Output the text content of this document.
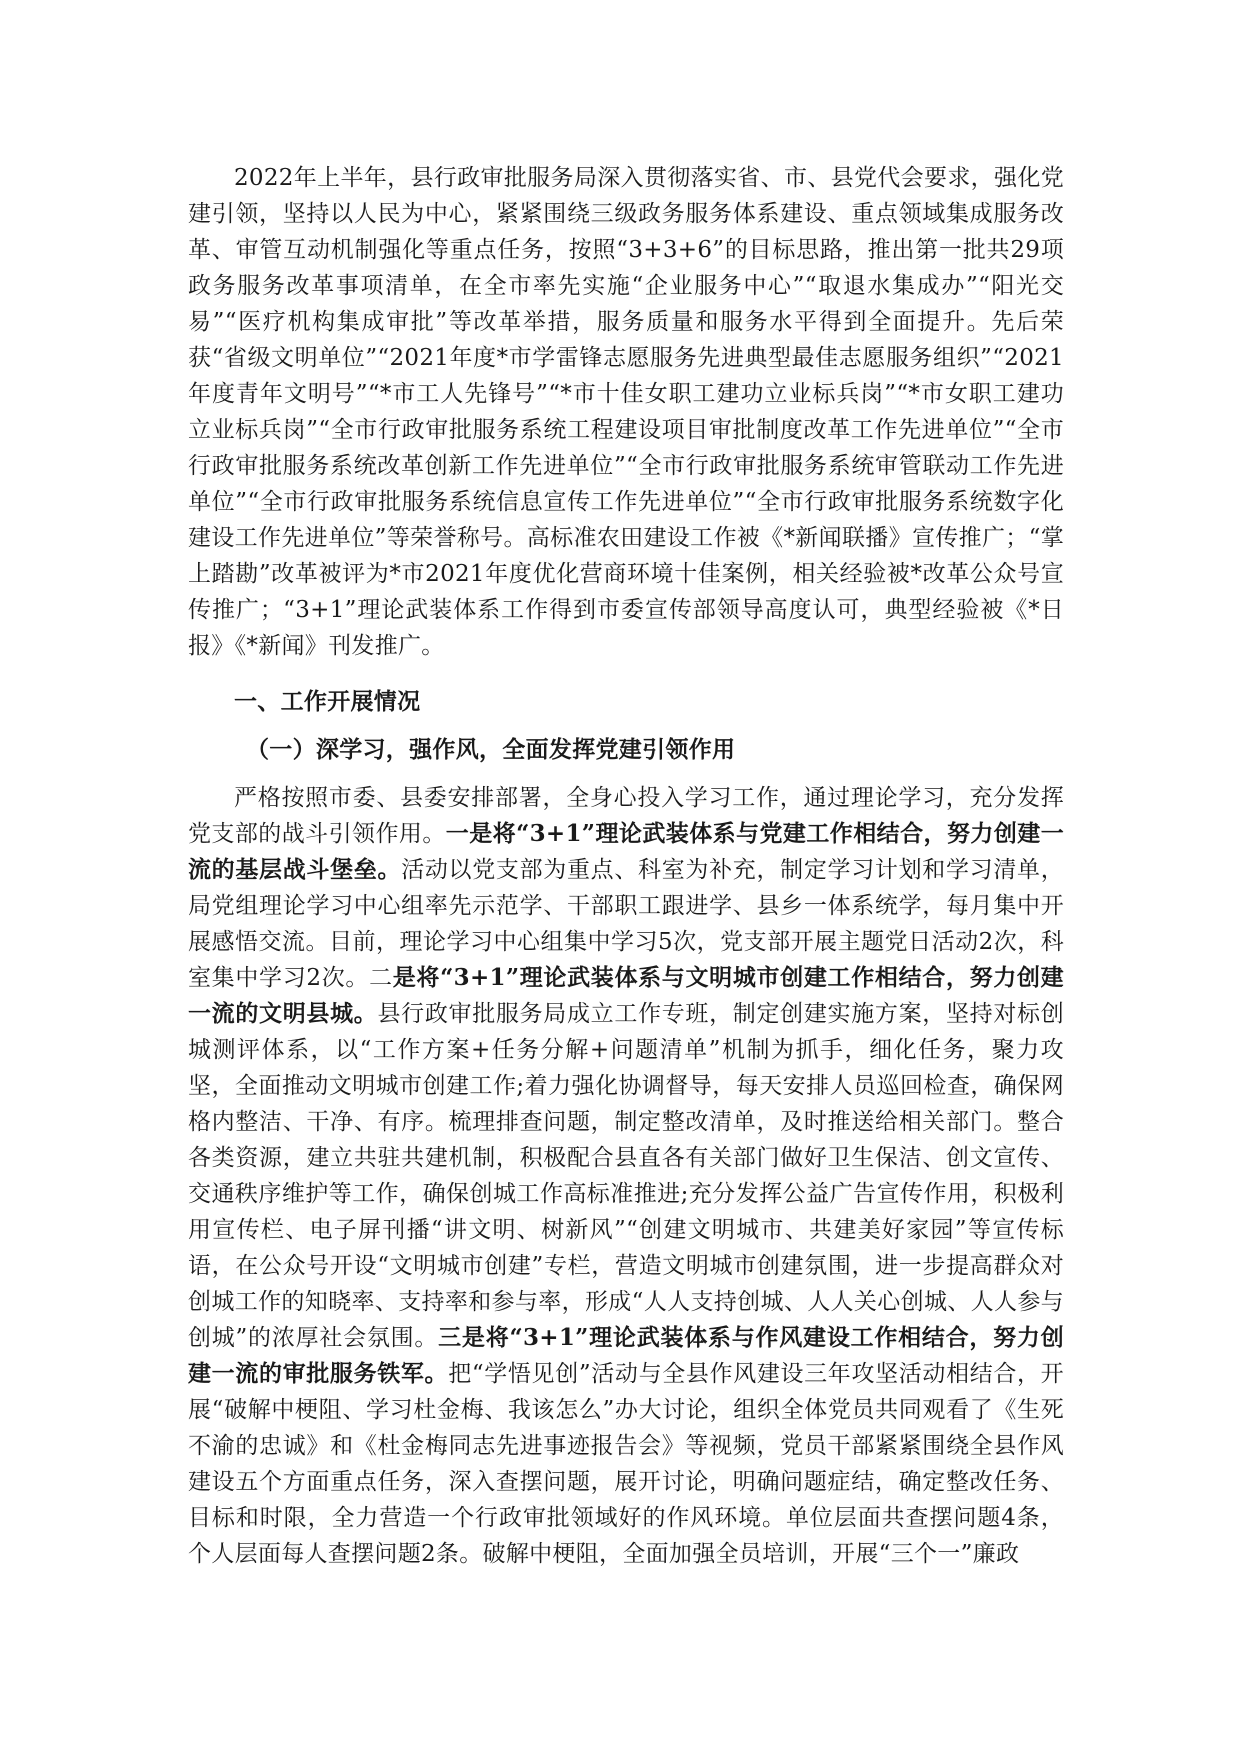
2022年上半年，县行政审批服务局深入贯彻落实省、市、县党代会要求，强化党建引领，坚持以人民为中心，紧紧围绕三级政务服务体系建设、重点领域集成服务改革、审管互动机制强化等重点任务，按照“3+3+6”的目标思路，推出第一批共29项政务服务改革事项清单，在全市率先实施“企业服务中心”“取退水集成办”“阳光交易”“医疗机构集成审批”等改革举措，服务质量和服务水平得到全面提升。先后荣获“省级文明单位”“2021年度*市学雷锋志愿服务先进典型最佳志愿服务组织”“2021年度青年文明号”“*市工人先锋号”“*市十佳女职工建功立业标兵岗”“*市女职工建功立业标兵岗”“全市行政审批服务系统工程建设项目审批制度改革工作先进单位”“全市行政审批服务系统改革创新工作先进单位”“全市行政审批服务系统审管联动工作先进单位”“全市行政审批服务系统信息宣传工作先进单位”“全市行政审批服务系统数字化建设工作先进单位”等荣誉称号。高标准农田建设工作被《*新闻联播》宣传推广；“掌上踏勘”改革被评为*市2021年度优化营商环境十佳案例，相关经验被*改革公众号宣传推广；“3+1”理论武装体系工作得到市委宣传部领导高度认可，典型经验被《*日报》《*新闻》刊发推广。

一、工作开展情况

（一）深学习，强作风，全面发挥党建引领作用

严格按照市委、县委安排部署，全身心投入学习工作，通过理论学习，充分发挥党支部的战斗引领作用。一是将“3+1”理论武装体系与党建工作相结合，努力创建一流的基层战斗堡垒。活动以党支部为重点、科室为补充，制定学习计划和学习清单，局党组理论学习中心组率先示范学、干部职工跟进学、县乡一体系统学，每月集中开展感悟交流。目前，理论学习中心组集中学习5次，党支部开展主题党日活动2次，科室集中学习2次。二是将“3+1”理论武装体系与文明城市创建工作相结合，努力创建一流的文明县城。县行政审批服务局成立工作专班，制定创建实施方案，坚持对标创城测评体系，以“工作方案+任务分解+问题清单”机制为抓手，细化任务，聚力攻坚，全面推动文明城市创建工作;着力强化协调督导，每天安排人员巡回检查，确保网格内整洁、干净、有序。梳理排查问题，制定整改清单，及时推送给相关部门。整合各类资源，建立共驻共建机制，积极配合县直各有关部门做好卫生保洁、创文宣传、交通秩序维护等工作，确保创城工作高标准推进;充分发挥公益广告宣传作用，积极利用宣传栏、电子屏刊播“讲文明、树新风”“创建文明城市、共建美好家园”等宣传标语，在公众号开设“文明城市创建”专栏，营造文明城市创建氛围，进一步提高群众对创城工作的知晓率、支持率和参与率，形成“人人支持创城、人人关心创城、人人参与创城”的浓厚社会氛围。三是将“3+1”理论武装体系与作风建设工作相结合，努力创建一流的审批服务铁军。把“学悟见创”活动与全县作风建设三年攻坚活动相结合，开展“破解中梗阻、学习杜金梅、我该怎么”办大讨论，组织全体党员共同观看了《生死不渝的忠诚》和《杜金梅同志先进事迹报告会》等视频，党员干部紧紧围绕全县作风建设五个方面重点任务，深入查摆问题，展开讨论，明确问题症结，确定整改任务、目标和时限，全力营造一个行政审批领域好的作风环境。单位层面共查摆问题4条，个人层面每人查摆问题2条。破解中梗阻，全面加强全员培训，开展“三个一”廉政
